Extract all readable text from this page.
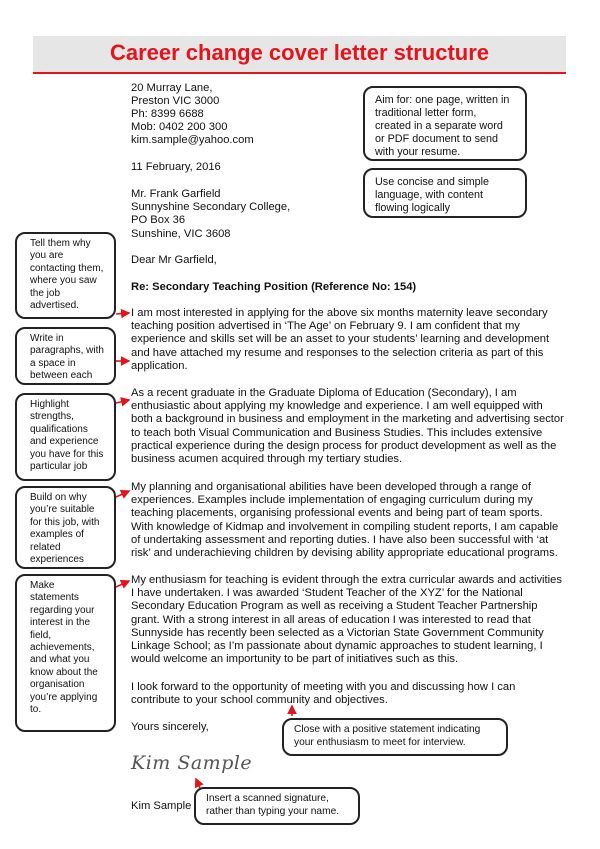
Career change cover letter structure
20 Murray Lane,
Preston VIC 3000
Ph: 8399 6688
Mob: 0402 200 300
kim.sample@yahoo.com
11 February, 2016
Mr. Frank Garfield
Sunnyshine Secondary College,
PO Box 36
Sunshine, VIC 3608
Dear Mr Garfield,
Re: Secondary Teaching Position (Reference No: 154)
I am most interested in applying for the above six months maternity leave secondary teaching position advertised in ‘The Age’ on February 9. I am confident that my experience and skills set will be an asset to your students’ learning and development and have attached my resume and responses to the selection criteria as part of this application.
As a recent graduate in the Graduate Diploma of Education (Secondary), I am enthusiastic about applying my knowledge and experience. I am well equipped with both a background in business and employment in the marketing and advertising sector to teach both Visual Communication and Business Studies. This includes extensive practical experience during the design process for product development as well as the business acumen acquired through my tertiary studies.
My planning and organisational abilities have been developed through a range of experiences. Examples include implementation of engaging curriculum during my teaching placements, organising professional events and being part of team sports. With knowledge of Kidmap and involvement in compiling student reports, I am capable of undertaking assessment and reporting duties. I have also been successful with ‘at risk’ and underachieving children by devising ability appropriate educational programs.
My enthusiasm for teaching is evident through the extra curricular awards and activities I have undertaken. I was awarded ‘Student Teacher of the XYZ’ for the National Secondary Education Program as well as receiving a Student Teacher Partnership grant. With a strong interest in all areas of education I was interested to read that Sunnyside has recently been selected as a Victorian State Government Community Linkage School; as I’m passionate about dynamic approaches to student learning, I would welcome an importunity to be part of initiatives such as this.
I look forward to the opportunity of meeting with you and discussing how I can contribute to your school community and objectives.
Yours sincerely,
Kim Sample
Kim Sample
Aim for: one page, written in traditional letter form, created in a separate word or PDF document to send with your resume.
Use concise and simple language, with content flowing logically
Close with a positive statement indicating your enthusiasm to meet for interview.
Insert a scanned signature, rather than typing your name.
Tell them why you are contacting them, where you saw the job advertised.
Write in paragraphs, with a space in between each
Highlight strengths, qualifications and experience you have for this particular job
Build on why you’re suitable for this job, with examples of related experiences
Make statements regarding your interest in the field, achievements, and what you know about the organisation you’re applying to.
